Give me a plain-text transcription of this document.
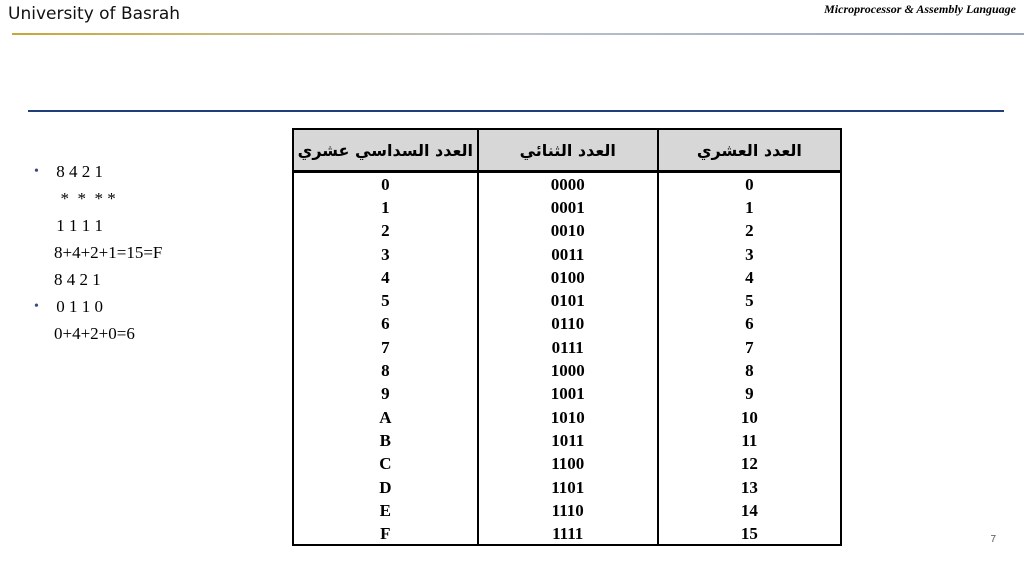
University of Basrah	Microprocessor & Assembly Language
• 8 4 2 1
*  *  * *
1 1 1 1
8+4+2+1=15=F
8 4 2 1
• 0 1 1 0
0+4+2+0=6
العدد السداسي عشري	العدد الثنائي	العدد العشري
0	0000	0
1	0001	1
2	0010	2
3	0011	3
4	0100	4
5	0101	5
6	0110	6
7	0111	7
8	1000	8
9	1001	9
A	1010	10
B	1011	11
C	1100	12
D	1101	13
E	1110	14
F	1111	15	7
